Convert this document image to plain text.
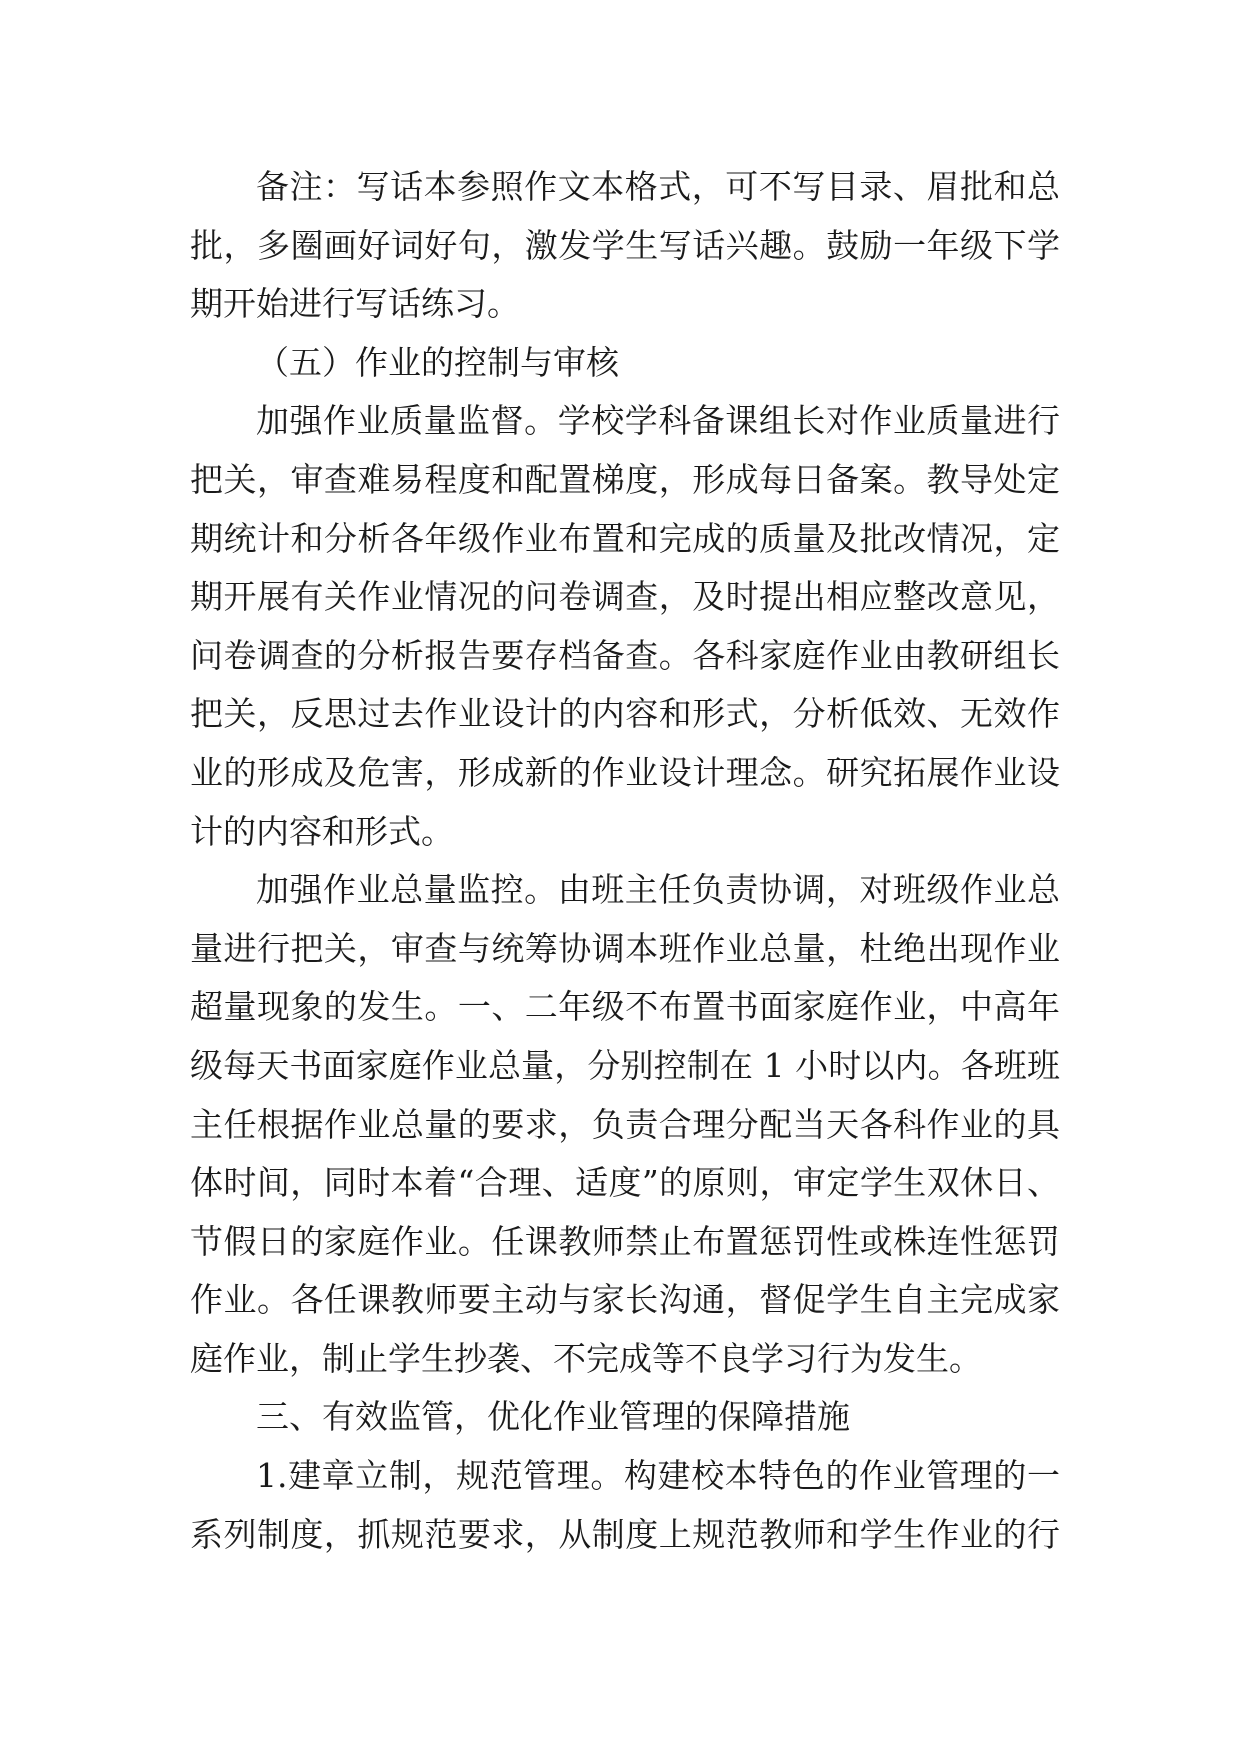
备注：写话本参照作文本格式，可不写目录、眉批和总
批，多圈画好词好句，激发学生写话兴趣。鼓励一年级下学
期开始进行写话练习。
（五）作业的控制与审核
加强作业质量监督。学校学科备课组长对作业质量进行
把关，审查难易程度和配置梯度，形成每日备案。教导处定
期统计和分析各年级作业布置和完成的质量及批改情况，定
期开展有关作业情况的问卷调查，及时提出相应整改意见，
问卷调查的分析报告要存档备查。各科家庭作业由教研组长
把关，反思过去作业设计的内容和形式，分析低效、无效作
业的形成及危害，形成新的作业设计理念。研究拓展作业设
计的内容和形式。
加强作业总量监控。由班主任负责协调，对班级作业总
量进行把关，审查与统筹协调本班作业总量，杜绝出现作业
超量现象的发生。一、二年级不布置书面家庭作业，中高年
级每天书面家庭作业总量，分别控制在 1 小时以内。各班班
主任根据作业总量的要求，负责合理分配当天各科作业的具
体时间，同时本着“合理、适度”的原则，审定学生双休日、
节假日的家庭作业。任课教师禁止布置惩罚性或株连性惩罚
作业。各任课教师要主动与家长沟通，督促学生自主完成家
庭作业，制止学生抄袭、不完成等不良学习行为发生。
三、有效监管，优化作业管理的保障措施
1.建章立制，规范管理。构建校本特色的作业管理的一
系列制度，抓规范要求，从制度上规范教师和学生作业的行
